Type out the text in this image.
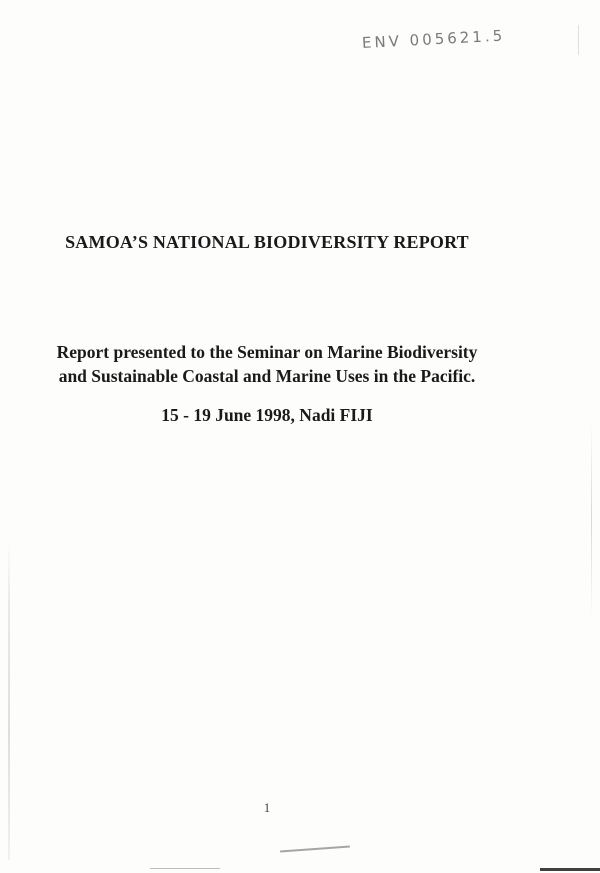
ENV 005621.5
SAMOA’S NATIONAL BIODIVERSITY REPORT
Report presented to the Seminar on Marine Biodiversity
and Sustainable Coastal and Marine Uses in the Pacific.
15 - 19 June 1998, Nadi FIJI
1
